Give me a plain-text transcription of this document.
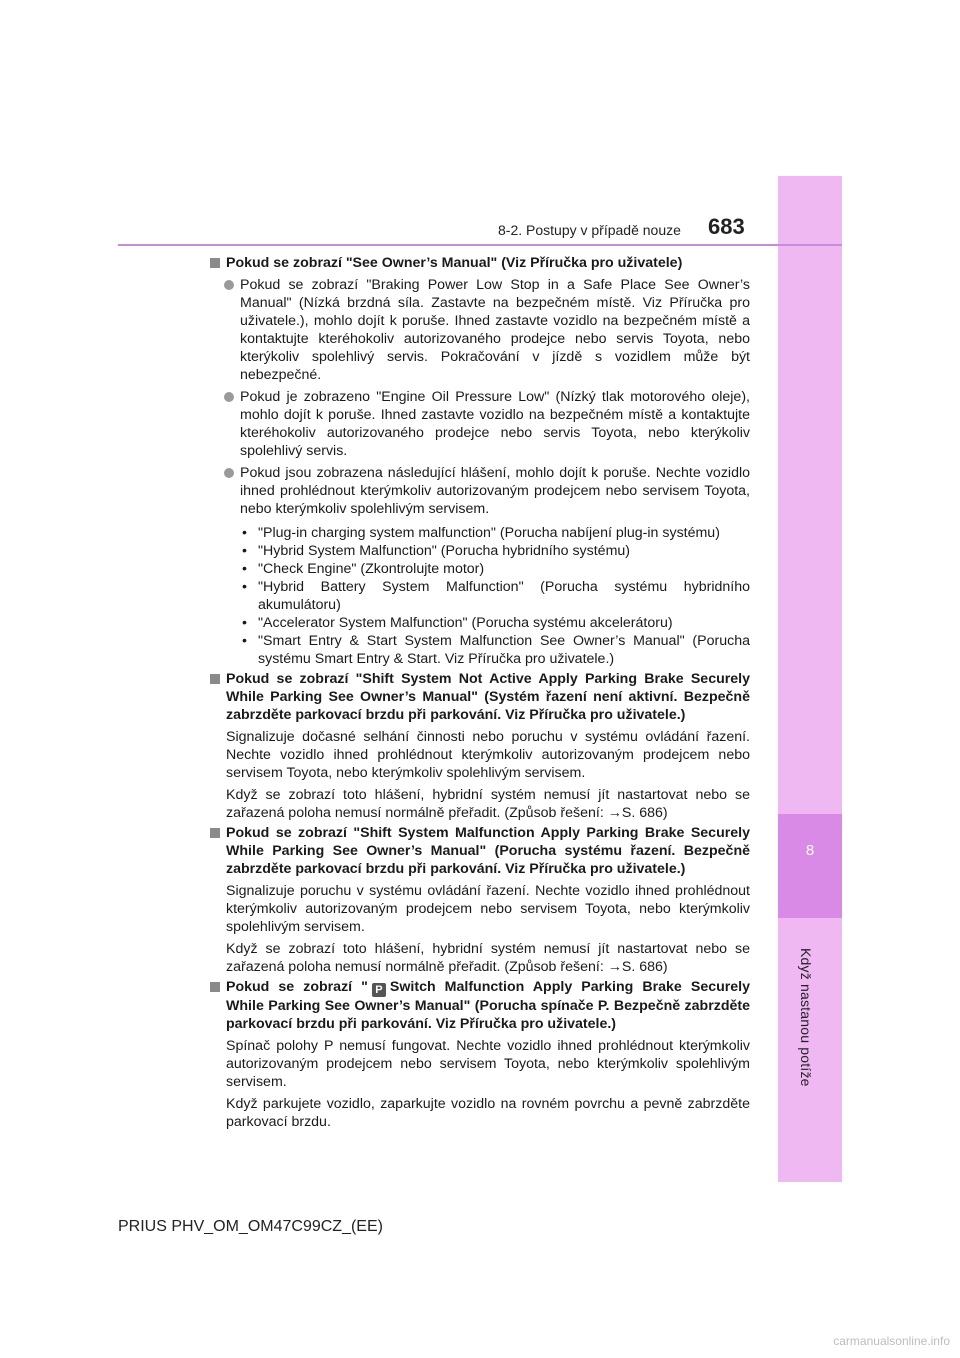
8
Když nastanou potíže
8-2. Postupy v případě nouze 683
Pokud se zobrazí "See Owner’s Manual" (Viz Příručka pro uživatele)
Pokud se zobrazí "Braking Power Low Stop in a Safe Place See Owner’s Manual" (Nízká brzdná síla. Zastavte na bezpečném místě. Viz Příručka pro uživatele.), mohlo dojít k poruše. Ihned zastavte vozidlo na bezpečném místě a kontaktujte kteréhokoliv autorizovaného prodejce nebo servis Toyota, nebo kterýkoliv spolehlivý servis. Pokračování v jízdě s vozidlem může být nebezpečné.
Pokud je zobrazeno "Engine Oil Pressure Low" (Nízký tlak motorového oleje), mohlo dojít k poruše. Ihned zastavte vozidlo na bezpečném místě a kontaktujte kteréhokoliv autorizovaného prodejce nebo servis Toyota, nebo kterýkoliv spolehlivý servis.
Pokud jsou zobrazena následující hlášení, mohlo dojít k poruše. Nechte vozidlo ihned prohlédnout kterýmkoliv autorizovaným prodejcem nebo servisem Toyota, nebo kterýmkoliv spolehlivým servisem.
• "Plug-in charging system malfunction" (Porucha nabíjení plug-in systému)
• "Hybrid System Malfunction" (Porucha hybridního systému)
• "Check Engine" (Zkontrolujte motor)
• "Hybrid Battery System Malfunction" (Porucha systému hybridního akumulátoru)
• "Accelerator System Malfunction" (Porucha systému akcelerátoru)
• "Smart Entry & Start System Malfunction See Owner’s Manual" (Porucha systému Smart Entry & Start. Viz Příručka pro uživatele.)
Pokud se zobrazí "Shift System Not Active Apply Parking Brake Securely While Parking See Owner’s Manual" (Systém řazení není aktivní. Bezpečně zabrzděte parkovací brzdu při parkování. Viz Příručka pro uživatele.)
Signalizuje dočasné selhání činnosti nebo poruchu v systému ovládání řazení. Nechte vozidlo ihned prohlédnout kterýmkoliv autorizovaným prodejcem nebo servisem Toyota, nebo kterýmkoliv spolehlivým servisem.
Když se zobrazí toto hlášení, hybridní systém nemusí jít nastartovat nebo se zařazená poloha nemusí normálně přeřadit. (Způsob řešení: →S. 686)
Pokud se zobrazí "Shift System Malfunction Apply Parking Brake Securely While Parking See Owner’s Manual" (Porucha systému řazení. Bezpečně zabrzděte parkovací brzdu při parkování. Viz Příručka pro uživatele.)
Signalizuje poruchu v systému ovládání řazení. Nechte vozidlo ihned prohlédnout kterýmkoliv autorizovaným prodejcem nebo servisem Toyota, nebo kterýmkoliv spolehlivým servisem.
Když se zobrazí toto hlášení, hybridní systém nemusí jít nastartovat nebo se zařazená poloha nemusí normálně přeřadit. (Způsob řešení: →S. 686)
Pokud se zobrazí " P Switch Malfunction Apply Parking Brake Securely While Parking See Owner’s Manual" (Porucha spínače P. Bezpečně zabrzděte parkovací brzdu při parkování. Viz Příručka pro uživatele.)
Spínač polohy P nemusí fungovat. Nechte vozidlo ihned prohlédnout kterýmkoliv autorizovaným prodejcem nebo servisem Toyota, nebo kterýmkoliv spolehlivým servisem.
Když parkujete vozidlo, zaparkujte vozidlo na rovném povrchu a pevně zabrzděte parkovací brzdu.
PRIUS PHV_OM_OM47C99CZ_(EE)
carmanualsonline.info
